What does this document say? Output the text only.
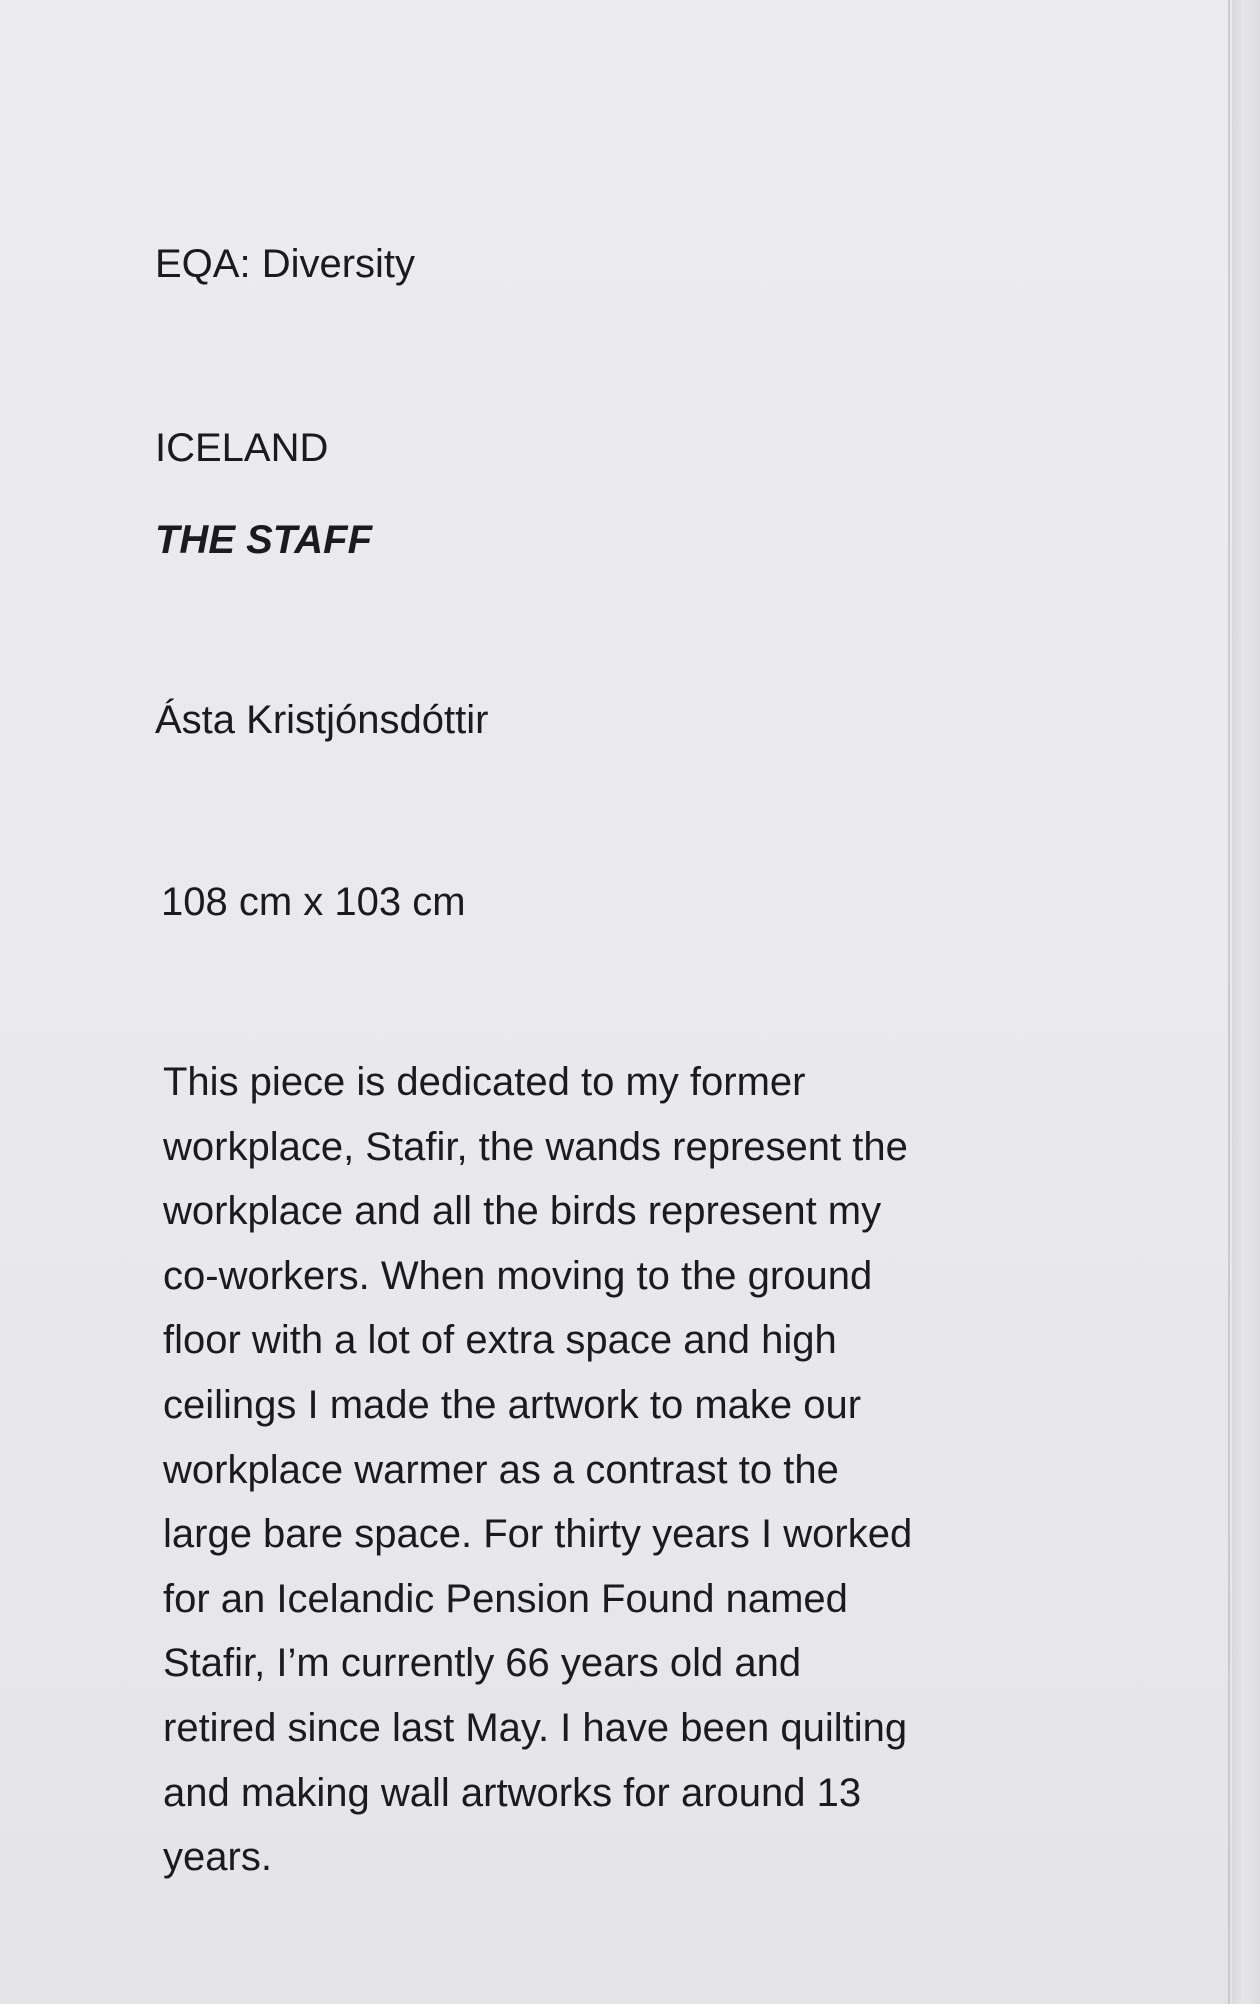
EQA: Diversity

ICELAND

THE STAFF

Ásta Kristjónsdóttir

108 cm x 103 cm

This piece is dedicated to my former
workplace, Stafir, the wands represent the
workplace and all the birds represent my
co-workers. When moving to the ground
floor with a lot of extra space and high
ceilings I made the artwork to make our
workplace warmer as a contrast to the
large bare space. For thirty years I worked
for an Icelandic Pension Found named
Stafir, I’m currently 66 years old and
retired since last May. I have been quilting
and making wall artworks for around 13
years.
